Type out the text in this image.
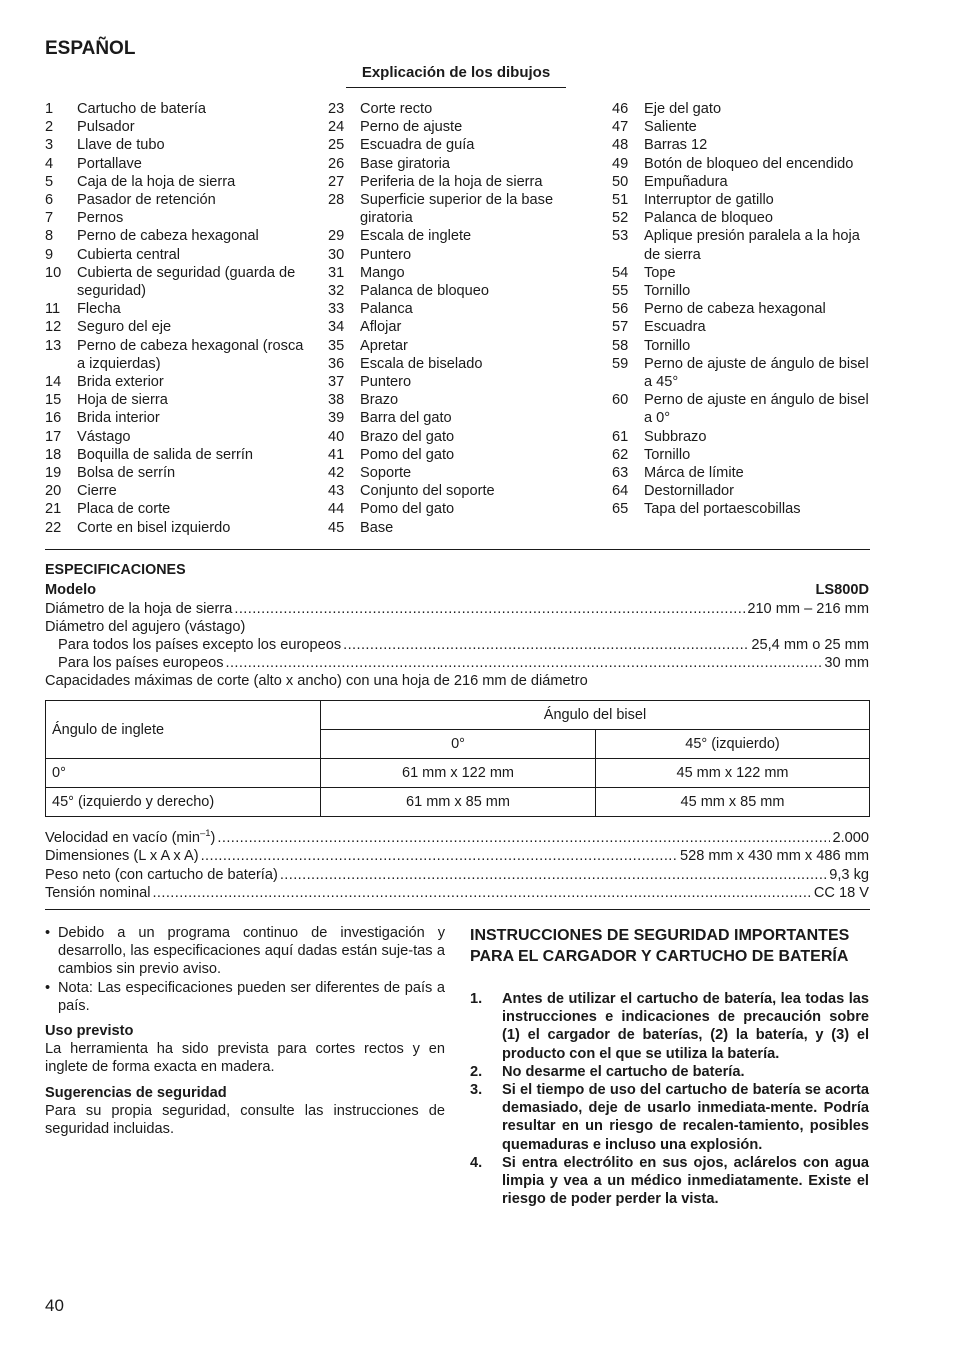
ESPAÑOL
Explicación de los dibujos
1 Cartucho de batería
2 Pulsador
3 Llave de tubo
4 Portallave
5 Caja de la hoja de sierra
6 Pasador de retención
7 Pernos
8 Perno de cabeza hexagonal
9 Cubierta central
10 Cubierta de seguridad (guarda de seguridad)
11 Flecha
12 Seguro del eje
13 Perno de cabeza hexagonal (rosca a izquierdas)
14 Brida exterior
15 Hoja de sierra
16 Brida interior
17 Vástago
18 Boquilla de salida de serrín
19 Bolsa de serrín
20 Cierre
21 Placa de corte
22 Corte en bisel izquierdo
23 Corte recto
24 Perno de ajuste
25 Escuadra de guía
26 Base giratoria
27 Periferia de la hoja de sierra
28 Superficie superior de la base giratoria
29 Escala de inglete
30 Puntero
31 Mango
32 Palanca de bloqueo
33 Palanca
34 Aflojar
35 Apretar
36 Escala de biselado
37 Puntero
38 Brazo
39 Barra del gato
40 Brazo del gato
41 Pomo del gato
42 Soporte
43 Conjunto del soporte
44 Pomo del gato
45 Base
46 Eje del gato
47 Saliente
48 Barras 12
49 Botón de bloqueo del encendido
50 Empuñadura
51 Interruptor de gatillo
52 Palanca de bloqueo
53 Aplique presión paralela a la hoja de sierra
54 Tope
55 Tornillo
56 Perno de cabeza hexagonal
57 Escuadra
58 Tornillo
59 Perno de ajuste de ángulo de bisel a 45°
60 Perno de ajuste en ángulo de bisel a 0°
61 Subbrazo
62 Tornillo
63 Márca de límite
64 Destornillador
65 Tapa del portaescobillas
ESPECIFICACIONES
Modelo	LS800D
Diámetro de la hoja de sierra .....	210 mm – 216 mm
Diámetro del agujero (vástago)
Para todos los países excepto los europeos .....	25,4 mm o 25 mm
Para los países europeos .....	30 mm
Capacidades máximas de corte (alto x ancho) con una hoja de 216 mm de diámetro
Ángulo de inglete	Ángulo del bisel	
	0°	45° (izquierdo)
0°	61 mm x 122 mm	45 mm x 122 mm
45° (izquierdo y derecho)	61 mm x 85 mm	45 mm x 85 mm
Velocidad en vacío $(\min^{-1})$ .....	2.000
Dimensiones (L x A x A) .....	528 mm x 430 mm x 486 mm
Peso neto (con cartucho de batería) .....	9,3 kg
Tensión nominal .....	CC 18 V
• Debido a un programa continuo de investigación y desarrollo, las especificaciones aquí dadas están suje-tas a cambios sin previo aviso.
• Nota: Las especificaciones pueden ser diferentes de país a país.
Uso previsto
La herramienta ha sido prevista para cortes rectos y en inglete de forma exacta en madera.
Sugerencias de seguridad
Para su propia seguridad, consulte las instrucciones de seguridad incluidas.
INSTRUCCIONES DE SEGURIDAD IMPORTANTES PARA EL CARGADOR Y CARTUCHO DE BATERÍA
1. Antes de utilizar el cartucho de batería, lea todas las instrucciones e indicaciones de precaución sobre (1) el cargador de baterías, (2) la batería, y (3) el producto con el que se utiliza la batería.
2. No desarme el cartucho de batería.
3. Si el tiempo de uso del cartucho de batería se acorta demasiado, deje de usarlo inmediata-mente. Podría resultar en un riesgo de recalen-tamiento, posibles quemaduras e incluso una explosión.
4. Si entra electrólito en sus ojos, aclárelos con agua limpia y vea a un médico inmediatamente. Existe el riesgo de poder perder la vista.
40
